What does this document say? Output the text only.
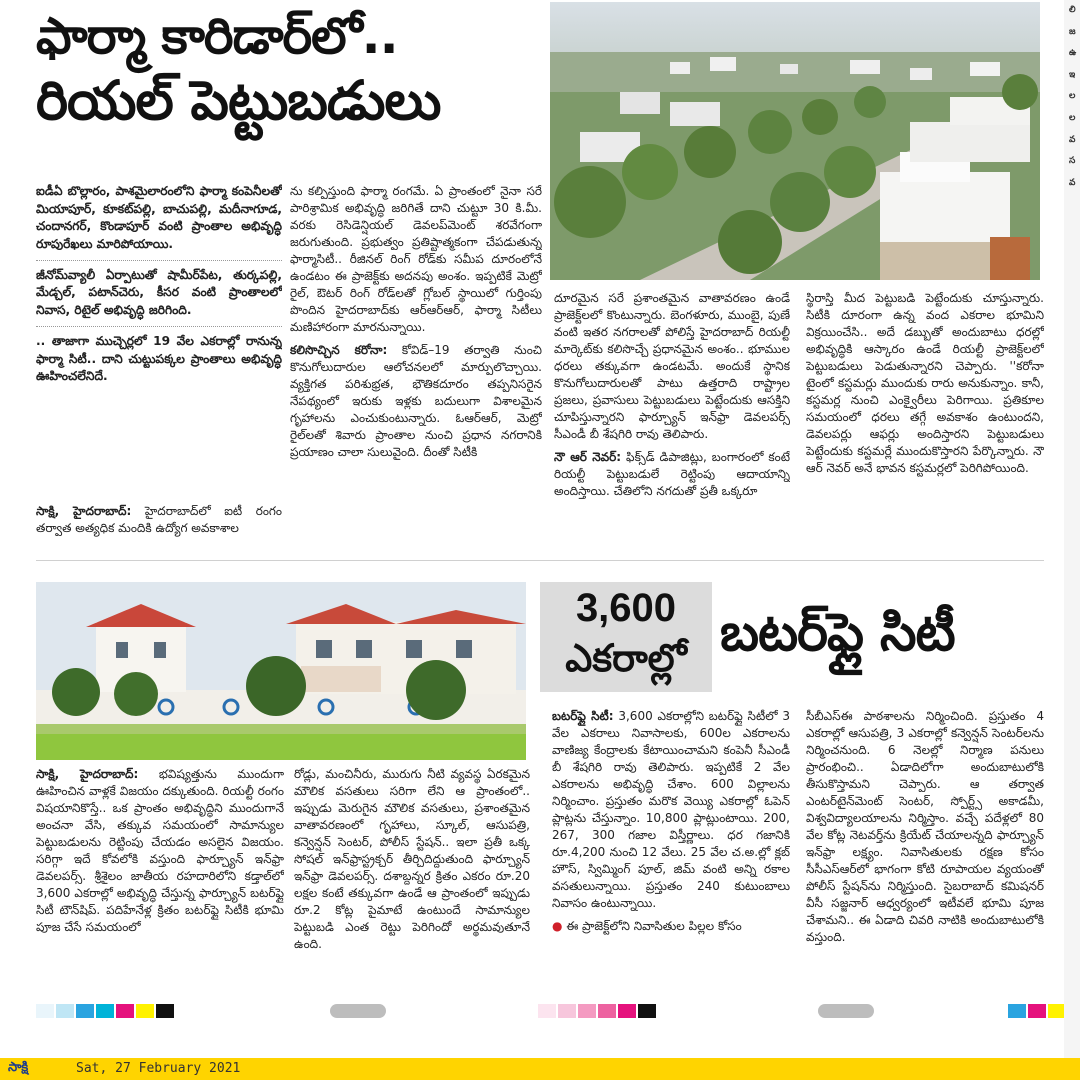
ఫార్మా కారిడార్‌లో..
రియల్ పెట్టుబడులు

ఐడీఏ బొల్లారం, పాశమైలారంలోని ఫార్మా కంపెనీలతో మియాపూర్, కూకట్‌పల్లి, బాచుపల్లి, మదీనాగూడ, చందానగర్, కొండాపూర్ వంటి ప్రాంతాల అభివృద్ధి రూపురేఖలు మారిపోయాయి.

జీనోమ్‌వ్యాలీ ఏర్పాటుతో షామీర్‌పేట, తుర్కపల్లి, మేడ్చల్, పటాన్‌చెరు, కీసర వంటి ప్రాంతాలలో నివాస, రిటైల్ అభివృద్ధి జరిగింది.

.. తాజాగా ముచ్చెర్లలో 19 వేల ఎకరాల్లో రానున్న ఫార్మా సిటీ.. దాని చుట్టుపక్కల ప్రాంతాలు అభివృద్ధి ఊహించలేనిదే.

సాక్షి, హైదరాబాద్: హైదరాబాద్‌లో ఐటీ రంగం తర్వాత అత్యధిక మందికి ఉద్యోగ అవకాశాల

ను కల్పిస్తుంది ఫార్మా రంగమే. ఏ ప్రాంతంలో నైనా సరే పారిశ్రామిక అభివృద్ధి జరిగితే దాని చుట్టూ 30 కి.మీ. వరకు రెసిడెన్షియల్ డెవలప్‌మెంట్ శరవేగంగా జరుగుతుంది. ప్రభుత్వం ప్రతిష్టాత్మకంగా చేపడుతున్న ఫార్మాసిటీ.. రీజినల్ రింగ్ రోడ్‌కు సమీప దూరంలోనే ఉండటం ఈ ప్రాజెక్ట్‌కు అదనపు అంశం. ఇప్పటికే మెట్రో రైల్, ఔటర్ రింగ్ రోడ్‌లతో గ్లోబల్ స్థాయిలో గుర్తింపు పొందిన హైదరాబాద్‌కు ఆర్‌ఆర్‌ఆర్, ఫార్మా సిటీలు మణిహారంగా మారనున్నాయి.

కలిసొచ్చిన కరోనా: కోవిడ్–19 తర్వాతి నుంచి కొనుగోలుదారుల ఆలోచనలలో మార్పులొచ్చాయి. వ్యక్తిగత పరిశుభ్రత, భౌతికదూరం తప్పనిసరైన నేపథ్యంలో ఇరుకు ఇళ్లకు బదులుగా విశాలమైన గృహాలను ఎంచుకుంటున్నారు. ఓఆర్‌ఆర్, మెట్రో రైల్‌లతో శివారు ప్రాంతాల నుంచి ప్రధాన నగరానికి ప్రయాణం చాలా సులువైంది. దీంతో సిటీకి

దూరమైన సరే ప్రశాంతమైన వాతావరణం ఉండే ప్రాజెక్ట్‌లలో కొంటున్నారు. బెంగళూరు, ముంబై, పుణే వంటి ఇతర నగరాలతో పోలిస్తే హైదరాబాద్ రియల్టీ మార్కెట్‌కు కలిసొచ్చే ప్రధానమైన అంశం.. భూముల ధరలు తక్కువగా ఉండటమే. అందుకే స్థానిక కొనుగోలుదారులతో పాటు ఉత్తరాది రాష్ట్రాల ప్రజలు, ప్రవాసులు పెట్టుబడులు పెట్టేందుకు ఆసక్తిని చూపిస్తున్నారని ఫార్చ్యూన్ ఇన్‌ఫ్రా డెవలపర్స్ సీఎండీ బీ శేషగిరి రావు తెలిపారు.

నౌ ఆర్ నెవర్: ఫిక్స్‌డ్ డిపాజిట్లు, బంగారంలో కంటే రియల్టీ పెట్టుబడులే రెట్టింపు ఆదాయాన్ని అందిస్తాయి. చేతిలోని నగదుతో ప్రతీ ఒక్కరూ

స్థిరాస్తి మీద పెట్టుబడి పెట్టేందుకు చూస్తున్నారు. సిటీకి దూరంగా ఉన్న వంద ఎకరాల భూమిని విక్రయించేసి.. అదే డబ్బుతో అందుబాటు ధరల్లో అభివృద్ధికి ఆస్కారం ఉండే రియల్టీ ప్రాజెక్ట్‌లలో పెట్టుబడులు పెడుతున్నారని చెప్పారు. ''కరోనా టైంలో కస్టమర్లు ముందుకు రారు అనుకున్నాం. కానీ, కస్టమర్ల నుంచి ఎంక్వైరీలు పెరిగాయి. ప్రతికూల సమయంలో ధరలు తగ్గే అవకాశం ఉంటుందని, డెవలపర్లు ఆఫర్లు అందిస్తారని పెట్టుబడులు పెట్టేందుకు కస్టమర్లే ముందుకొస్తారని పేర్కొన్నారు. నౌ ఆర్ నెవర్ అనే భావన కస్టమర్లలో పెరిగిపోయింది.

3,600
ఎకరాల్లో బటర్‌ఫ్లై సిటీ
సాక్షి, హైదరాబాద్: భవిష్యత్తును ముందుగా ఊహించిన వాళ్లకే విజయం దక్కుతుంది. రియల్టీ రంగం విషయానికొస్తే.. ఒక ప్రాంతం అభివృద్ధిని ముందుగానే అంచనా వేసి, తక్కువ సమయంలో సామాన్యుల పెట్టుబడులను రెట్టింపు చేయడం అసలైన విజయం. సరిగ్గా ఇదే కోవలోకి వస్తుంది ఫార్చ్యూన్ ఇన్‌ఫ్రా డెవలపర్స్. శ్రీశైలం జాతీయ రహదారిలోని కడ్తాల్‌లో 3,600 ఎకరాల్లో అభివృద్ధి చేస్తున్న ఫార్చ్యూన్ బటర్‌ఫ్లై సిటీ టౌన్‌షిప్. పదిహేనేళ్ల క్రితం బటర్‌ఫ్లై సిటీకి భూమి పూజ చేసే సమయంలో
రోడ్లు, మంచినీరు, మురుగు నీటి వ్యవస్థ ఏరకమైన మౌలిక వసతులు సరిగా లేని ఆ ప్రాంతంలో.. ఇప్పుడు మెరుగైన మౌలిక వసతులు, ప్రశాంతమైన వాతావరణంలో గృహాలు, స్కూల్, ఆసుపత్రి, కన్వెన్షన్ సెంటర్, పోలీస్ స్టేషన్.. ఇలా ప్రతీ ఒక్క సోషల్ ఇన్‌ఫ్రాస్ట్రక్చర్ తీర్చిదిద్దుతుంది ఫార్చ్యూన్ ఇన్‌ఫ్రా డెవలపర్స్. దశాబ్దన్నర క్రితం ఎకరం రూ.20 లక్షల కంటే తక్కువగా ఉండే ఆ ప్రాంతంలో ఇప్పుడు రూ.2 కోట్ల పైమాటే ఉంటుందే సామాన్యుల పెట్టుబడి ఎంత రెట్టు పెరిగిందో అర్థమవుతూనే ఉంది.

బటర్‌ఫ్లై సిటీ: 3,600 ఎకరాల్లోని బటర్‌ఫ్లై సిటీలో 3 వేల ఎకరాలు నివాసాలకు, 600ల ఎకరాలను వాణిజ్య కేంద్రాలకు కేటాయించామని కంపెనీ సీఎండీ బీ శేషగిరి రావు తెలిపారు. ఇప్పటికే 2 వేల ఎకరాలను అభివృద్ధి చేశాం. 600 విల్లాలను నిర్మించాం. ప్రస్తుతం మరొక వెయ్యి ఎకరాల్లో ఓపెన్ ప్లాట్లను చేస్తున్నాం. 10,800 ప్లాట్లుంటాయి. 200, 267, 300 గజాల విస్తీర్ణాలు. ధర గజానికి రూ.4,200 నుంచి 12 వేలు. 25 వేల చ.అ.ల్లో క్లబ్ హౌస్, స్విమ్మింగ్ పూల్, జిమ్ వంటి అన్ని రకాల వసతులున్నాయి. ప్రస్తుతం 240 కుటుంబాలు నివాసం ఉంటున్నాయి.

● ఈ ప్రాజెక్ట్‌లోని నివాసితుల పిల్లల కోసం

సీబీఎస్‌ఈ పాఠశాలను నిర్మించింది. ప్రస్తుతం 4 ఎకరాల్లో ఆసుపత్రి, 3 ఎకరాల్లో కన్వెన్షన్ సెంటర్‌లను నిర్మించనుంది. 6 నెలల్లో నిర్మాణ పనులు ప్రారంభించి.. ఏడాదిలోగా అందుబాటులోకి తీసుకొస్తామని చెప్పారు. ఆ తర్వాత ఎంటర్‌టైన్‌మెంట్ సెంటర్, స్పోర్ట్స్ అకాడమీ, విశ్వవిద్యాలయాలను నిర్మిస్తాం. వచ్చే పదేళ్లలో 80 వేల కోట్ల నెటవర్త్‌ను క్రియేట్ చేయాలన్నది ఫార్చ్యూన్ ఇన్‌ఫ్రా లక్ష్యం. నివాసితులకు రక్షణ కోసం సీసీఎస్‌ఆర్‌లో భాగంగా కోటి రూపాయల వ్యయంతో పోలీస్ స్టేషన్‌ను నిర్మిస్తుంది. సైబరాబాద్ కమిషనర్ వీసీ సజ్జనార్ ఆధ్వర్యంలో ఇటీవలే భూమి పూజ చేశామని.. ఈ ఏడాది చివరి నాటికి అందుబాటులోకి వస్తుంది.
లి జ ఉ ఇ ల ల వ స వ
సాక్షి	Sat, 27 February 2021
